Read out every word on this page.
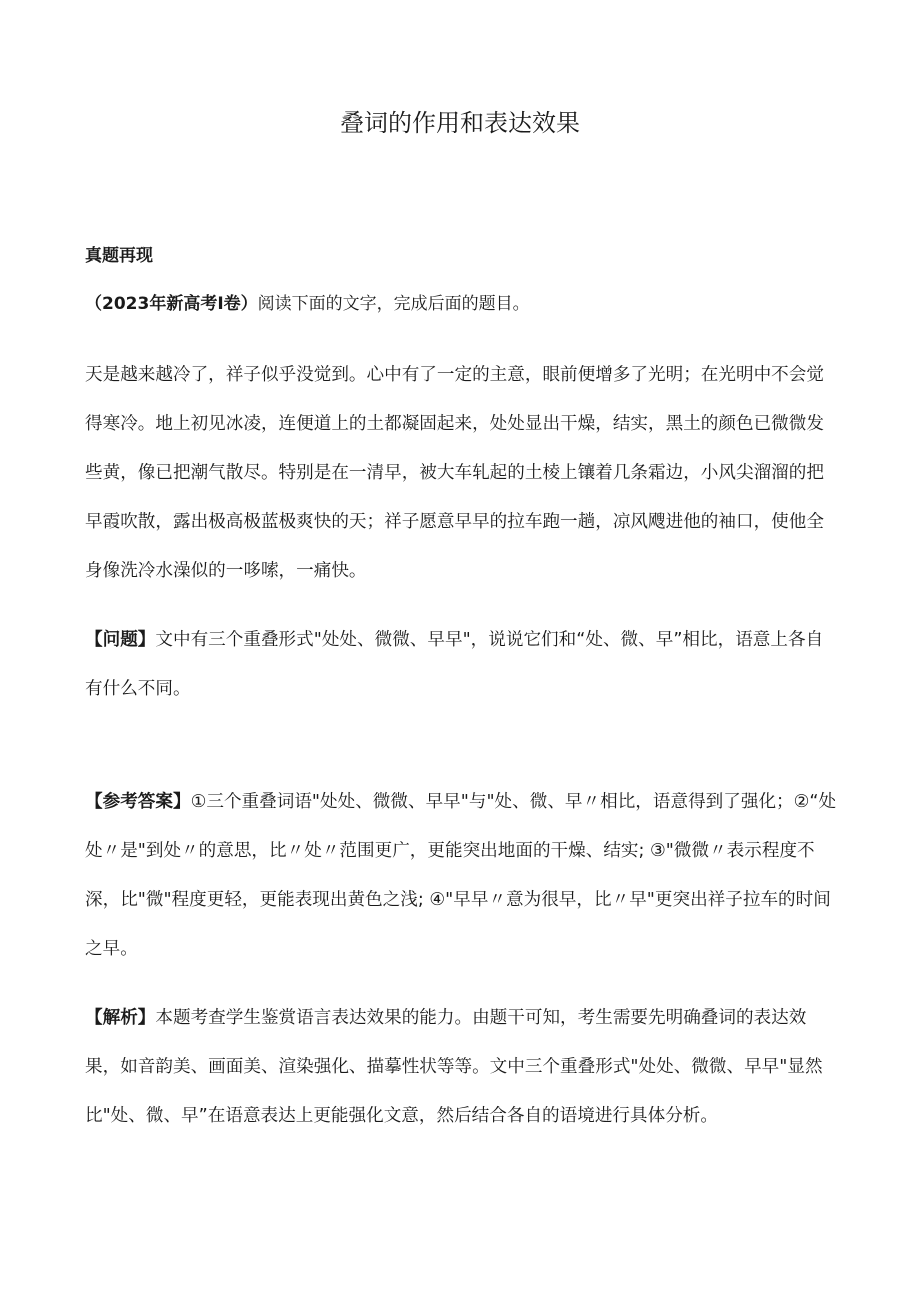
叠词的作用和表达效果
真题再现
（2023年新高考Ⅰ卷）阅读下面的文字，完成后面的题目。

天是越来越冷了，祥子似乎没觉到。心中有了一定的主意，眼前便增多了光明；在光明中不会觉得寒冷。地上初见冰凌，连便道上的土都凝固起来，处处显出干燥，结实，黑土的颜色已微微发些黄，像已把潮气散尽。特别是在一清早，被大车轧起的土棱上镶着几条霜边，小风尖溜溜的把早霞吹散，露出极高极蓝极爽快的天；祥子愿意早早的拉车跑一趟，凉风飕进他的袖口，使他全身像洗冷水澡似的一哆嗦，一痛快。

【问题】文中有三个重叠形式"处处、微微、早早"，说说它们和“处、微、早”相比，语意上各自有什么不同。

【参考答案】①三个重叠词语"处处、微微、早早"与"处、微、早〃相比，语意得到了强化；②“处处〃是"到处〃的意思，比〃处〃范围更广，更能突出地面的干燥、结实; ③"微微〃表示程度不深，比"微"程度更轻，更能表现出黄色之浅; ④"早早〃意为很早，比〃早"更突出祥子拉车的时间之早。

【解析】本题考查学生鉴赏语言表达效果的能力。由题干可知，考生需要先明确叠词的表达效果，如音韵美、画面美、渲染强化、描摹性状等等。文中三个重叠形式"处处、微微、早早"显然比"处、微、早”在语意表达上更能强化文意，然后结合各自的语境进行具体分析。
